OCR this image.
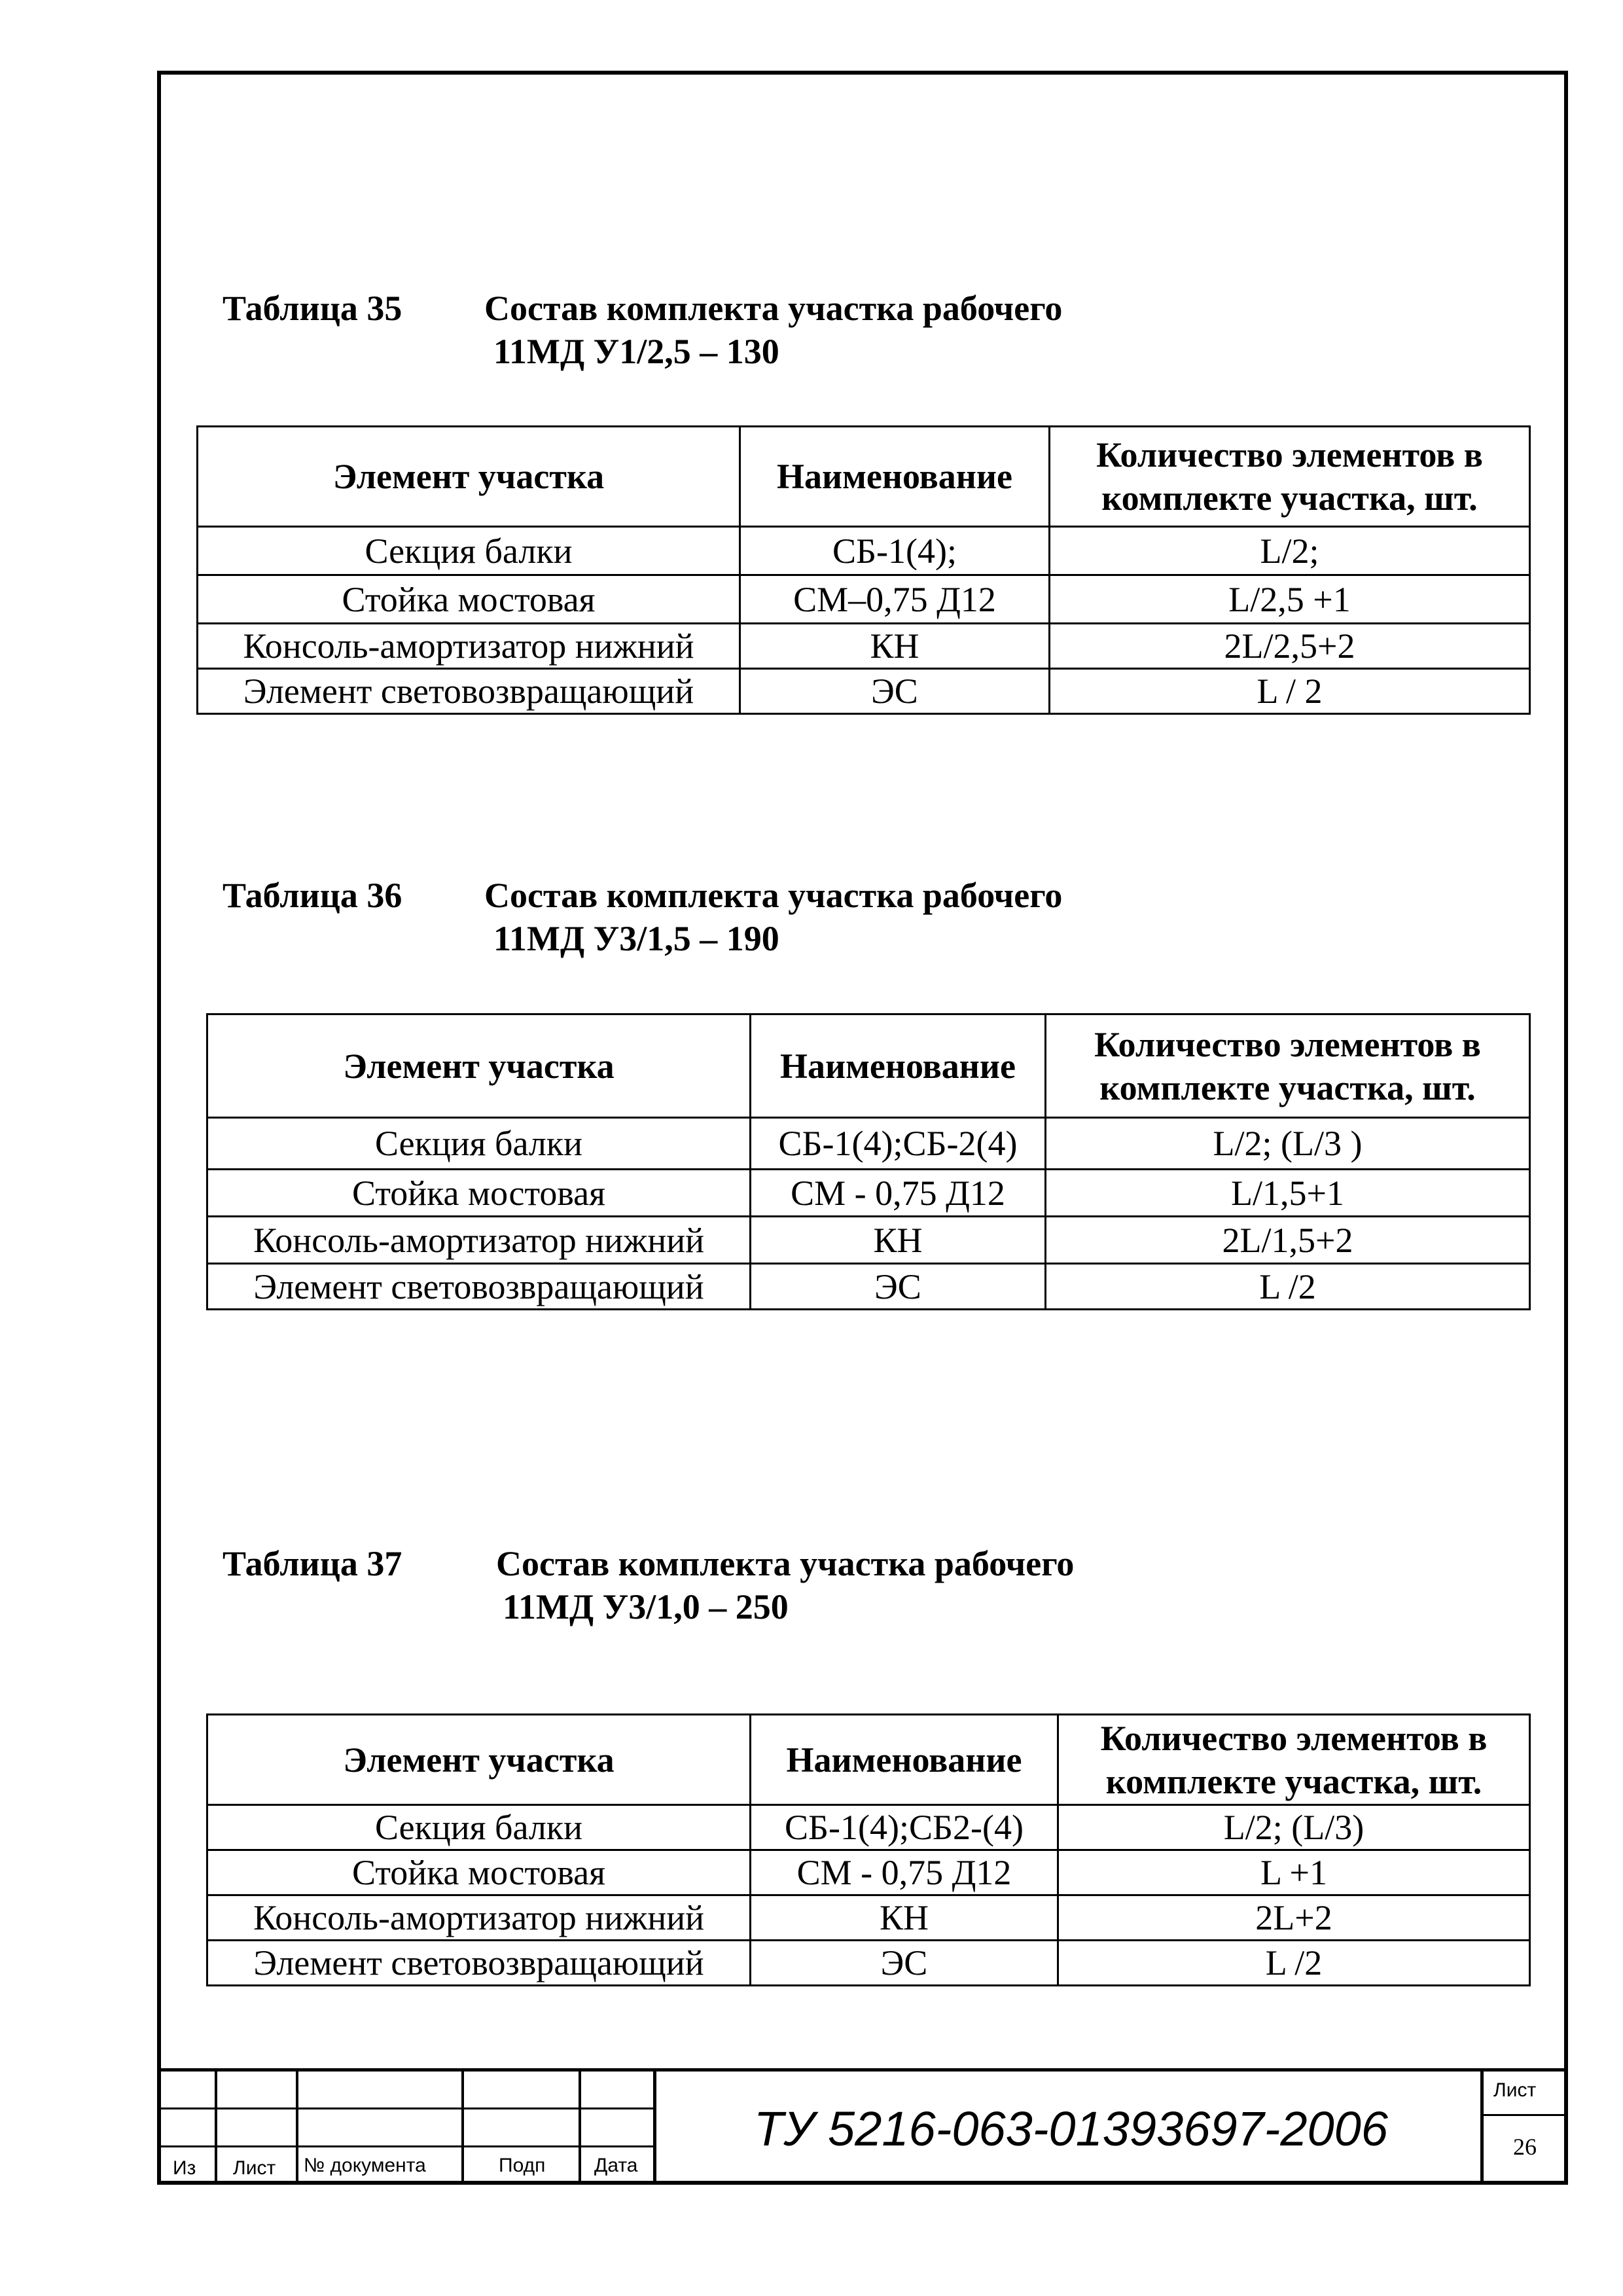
Таблица 35 Состав комплекта участка рабочего
11МД У1/2,5 – 130
Элемент участка	Наименование	Количество элементов в
комплекте участка, шт.
Секция балки	СБ-1(4);	L/2;
Стойка мостовая	СМ–0,75 Д12	L/2,5 +1
Консоль-амортизатор нижний	КН	2L/2,5+2
Элемент световозвращающий	ЭС	L / 2
Таблица 36 Состав комплекта участка рабочего
11МД У3/1,5 – 190
Элемент участка	Наименование	Количество элементов в
комплекте участка, шт.
Секция балки	СБ-1(4);СБ-2(4)	L/2; (L/3 )
Стойка мостовая	СМ - 0,75 Д12	L/1,5+1
Консоль-амортизатор нижний	КН	2L/1,5+2
Элемент световозвращающий	ЭС	L /2
Таблица 37	Состав комплекта участка рабочего
11МД У3/1,0 – 250
Элемент участка	Наименование	Количество элементов в
комплекте участка, шт.
Секция балки	СБ-1(4);СБ2-(4)	L/2; (L/3)
Стойка мостовая	СМ - 0,75 Д12	L +1
Консоль-амортизатор нижний	КН	2L+2
Элемент световозвращающий	ЭС	L /2
Из Лист № документа	Подп Дата
ТУ 5216-063-01393697-2006
Лист
26
